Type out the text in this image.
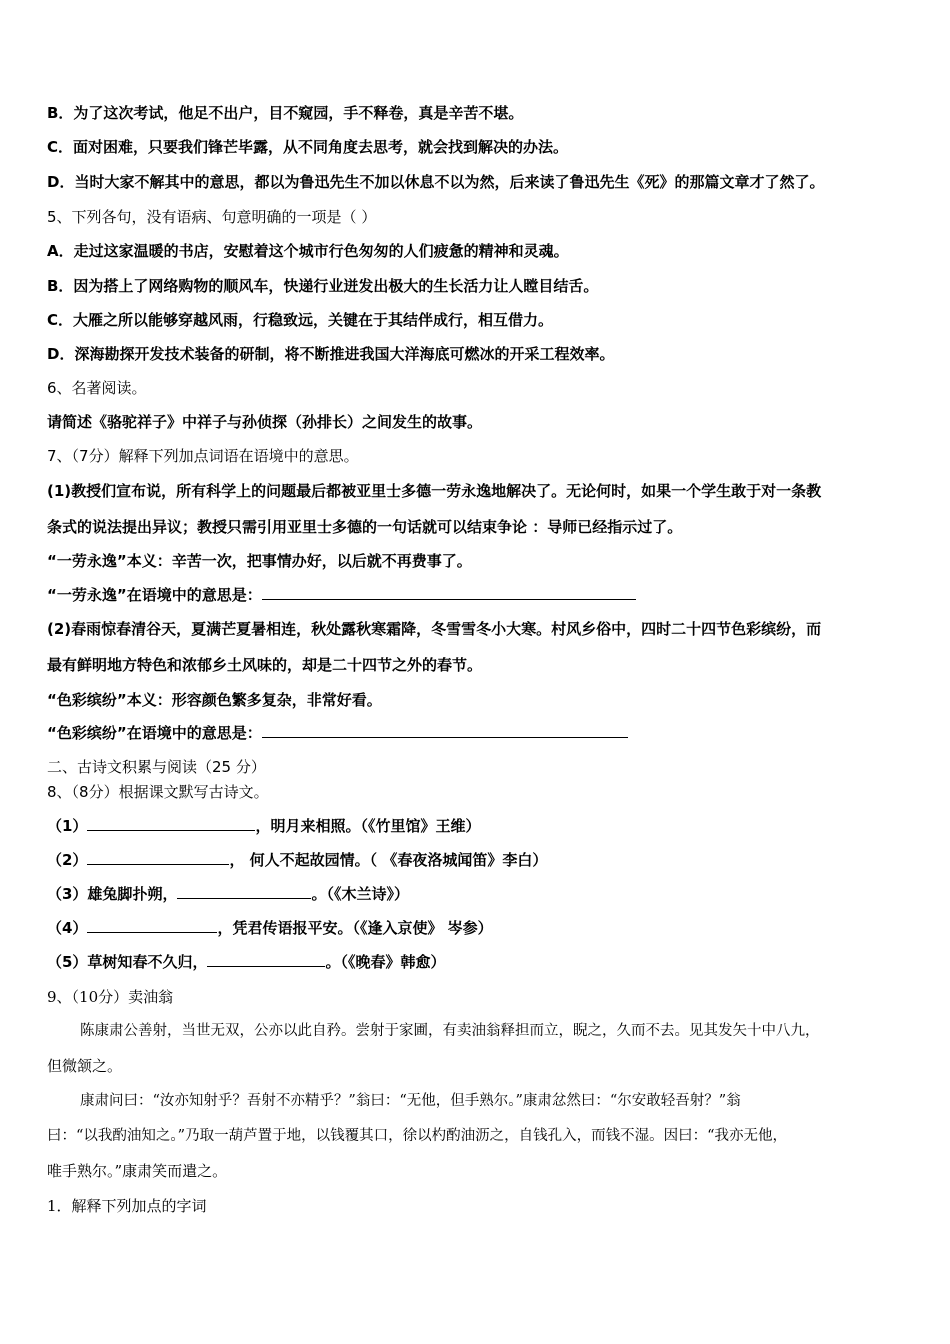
B．为了这次考试，他足不出户，目不窥园，手不释卷，真是辛苦不堪。
C．面对困难，只要我们锋芒毕露，从不同角度去思考，就会找到解决的办法。
D．当时大家不解其中的意思，都以为鲁迅先生不加以休息不以为然，后来读了鲁迅先生《死》的那篇文章才了然了。
5、下列各句，没有语病、句意明确的一项是（ ）
A．走过这家温暖的书店，安慰着这个城市行色匆匆的人们疲惫的精神和灵魂。
B．因为搭上了网络购物的顺风车，快递行业迸发出极大的生长活力让人瞠目结舌。
C．大雁之所以能够穿越风雨，行稳致远，关键在于其结伴成行，相互借力。
D．深海勘探开发技术装备的研制，将不断推进我国大洋海底可燃冰的开采工程效率。
6、名著阅读。
请简述《骆驼祥子》中祥子与孙侦探（孙排长）之间发生的故事。
7、（7分）解释下列加点词语在语境中的意思。
(1)教授们宣布说，所有科学上的问题最后都被亚里士多德一劳永逸地解决了。无论何时，如果一个学生敢于对一条教
条式的说法提出异议；教授只需引用亚里士多德的一句话就可以结束争论 ：导师已经指示过了。
“一劳永逸”本义：辛苦一次，把事情办好，以后就不再费事了。
“一劳永逸”在语境中的意思是：
(2)春雨惊春清谷天，夏满芒夏暑相连，秋处露秋寒霜降，冬雪雪冬小大寒。村风乡俗中，四时二十四节色彩缤纷，而
最有鲜明地方特色和浓郁乡土风味的，却是二十四节之外的春节。
“色彩缤纷”本义：形容颜色繁多复杂，非常好看。
“色彩缤纷”在语境中的意思是：
二、古诗文积累与阅读（25 分）
8、（8分）根据课文默写古诗文。
（1）	，明月来相照。（《竹里馆》王维）
（2）	， 何人不起故园情。（ 《春夜洛城闻笛》李白）
（3）雄兔脚扑朔，	。（《木兰诗》）
（4）	，凭君传语报平安。（《逢入京使》 岑参）
（5）草树知春不久归，	。（《晚春》韩愈）
9、（10分）卖油翁
陈康肃公善射，当世无双，公亦以此自矜。尝射于家圃，有卖油翁释担而立，睨之，久而不去。见其发矢十中八九，
但微颔之。
康肃问曰：“汝亦知射乎？吾射不亦精乎？”翁曰：“无他，但手熟尔。”康肃忿然曰：“尔安敢轻吾射？”翁
曰：“以我酌油知之。”乃取一葫芦置于地，以钱覆其口，徐以杓酌油沥之，自钱孔入，而钱不湿。因曰：“我亦无他，
唯手熟尔。”康肃笑而遣之。
1．解释下列加点的字词
